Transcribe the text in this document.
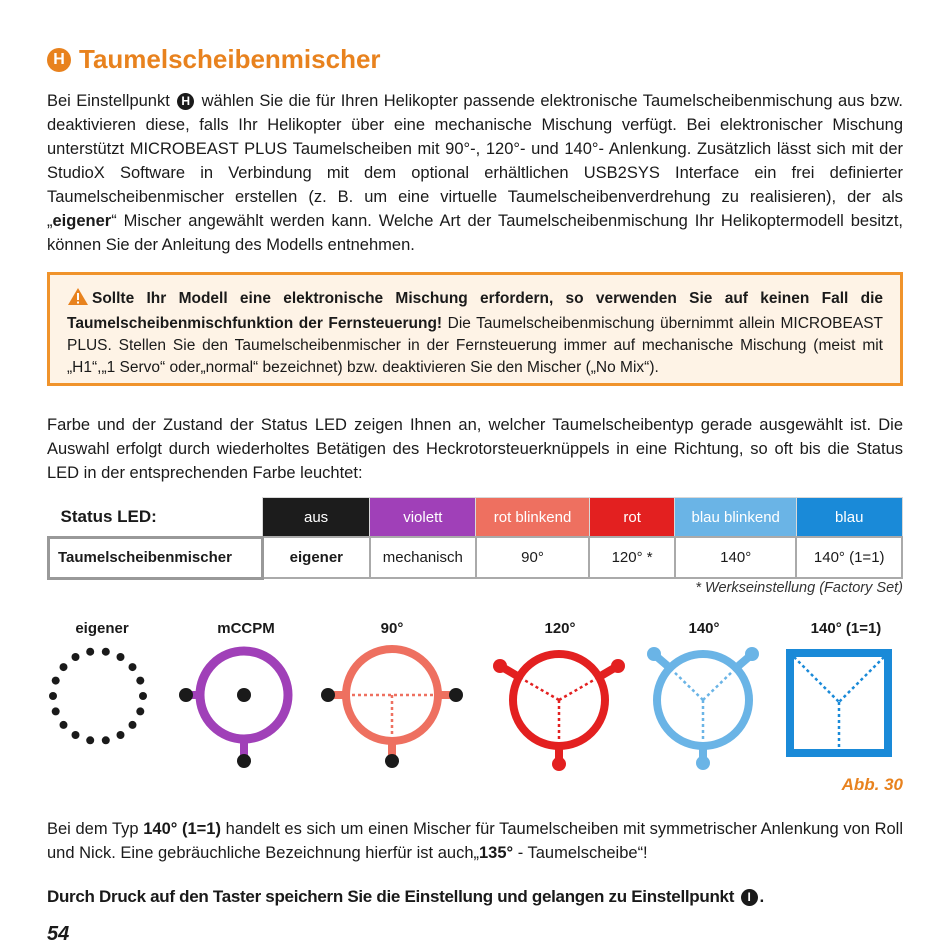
H Taumelscheibenmischer

Bei Einstellpunkt H wählen Sie die für Ihren Helikopter passende elektronische Taumelscheibenmischung aus bzw. deaktivieren diese, falls Ihr Helikopter über eine mechanische Mischung verfügt. Bei elektronischer Mischung unterstützt MICROBEAST PLUS Taumelscheiben mit 90°-, 120°- und 140°- Anlenkung. Zusätzlich lässt sich mit der StudioX Software in Verbindung mit dem optional erhältlichen USB2SYS Interface ein frei definierter Taumelscheibenmischer erstellen (z. B. um eine virtuelle Taumelscheibenverdrehung zu realisieren), der als „eigener“ Mischer angewählt werden kann. Welche Art der Taumelscheibenmischung Ihr Helikoptermodell besitzt, können Sie der Anleitung des Modells entnehmen.

Sollte Ihr Modell eine elektronische Mischung erfordern, so verwenden Sie auf keinen Fall die Taumelscheibenmischfunktion der Fernsteuerung! Die Taumelscheibenmischung übernimmt allein MICROBEAST PLUS. Stellen Sie den Taumelscheibenmischer in der Fernsteuerung immer auf mechanische Mischung (meist mit „H1“,„1 Servo“ oder„normal“ bezeichnet) bzw. deaktivieren Sie den Mischer („No Mix“).

Farbe und der Zustand der Status LED zeigen Ihnen an, welcher Taumelscheibentyp gerade ausgewählt ist. Die Auswahl erfolgt durch wiederholtes Betätigen des Heckrotorsteuerknüppels in eine Richtung, so oft bis die Status LED in der entsprechenden Farbe leuchtet:

Status LED:	aus	violett	rot blinkend	rot	blau blinkend	blau
Taumelscheibenmischer	eigener	mechanisch	90°	120° *	140°	140° (1=1)

* Werkseinstellung (Factory Set)

eigener	mCCPM	90°	120°	140°	140° (1=1)

Abb. 30

Bei dem Typ 140° (1=1) handelt es sich um einen Mischer für Taumelscheiben mit symmetrischer Anlenkung von Roll und Nick. Eine gebräuchliche Bezeichnung hierfür ist auch„135° - Taumelscheibe“!

Durch Druck auf den Taster speichern Sie die Einstellung und gelangen zu Einstellpunkt I .

54
